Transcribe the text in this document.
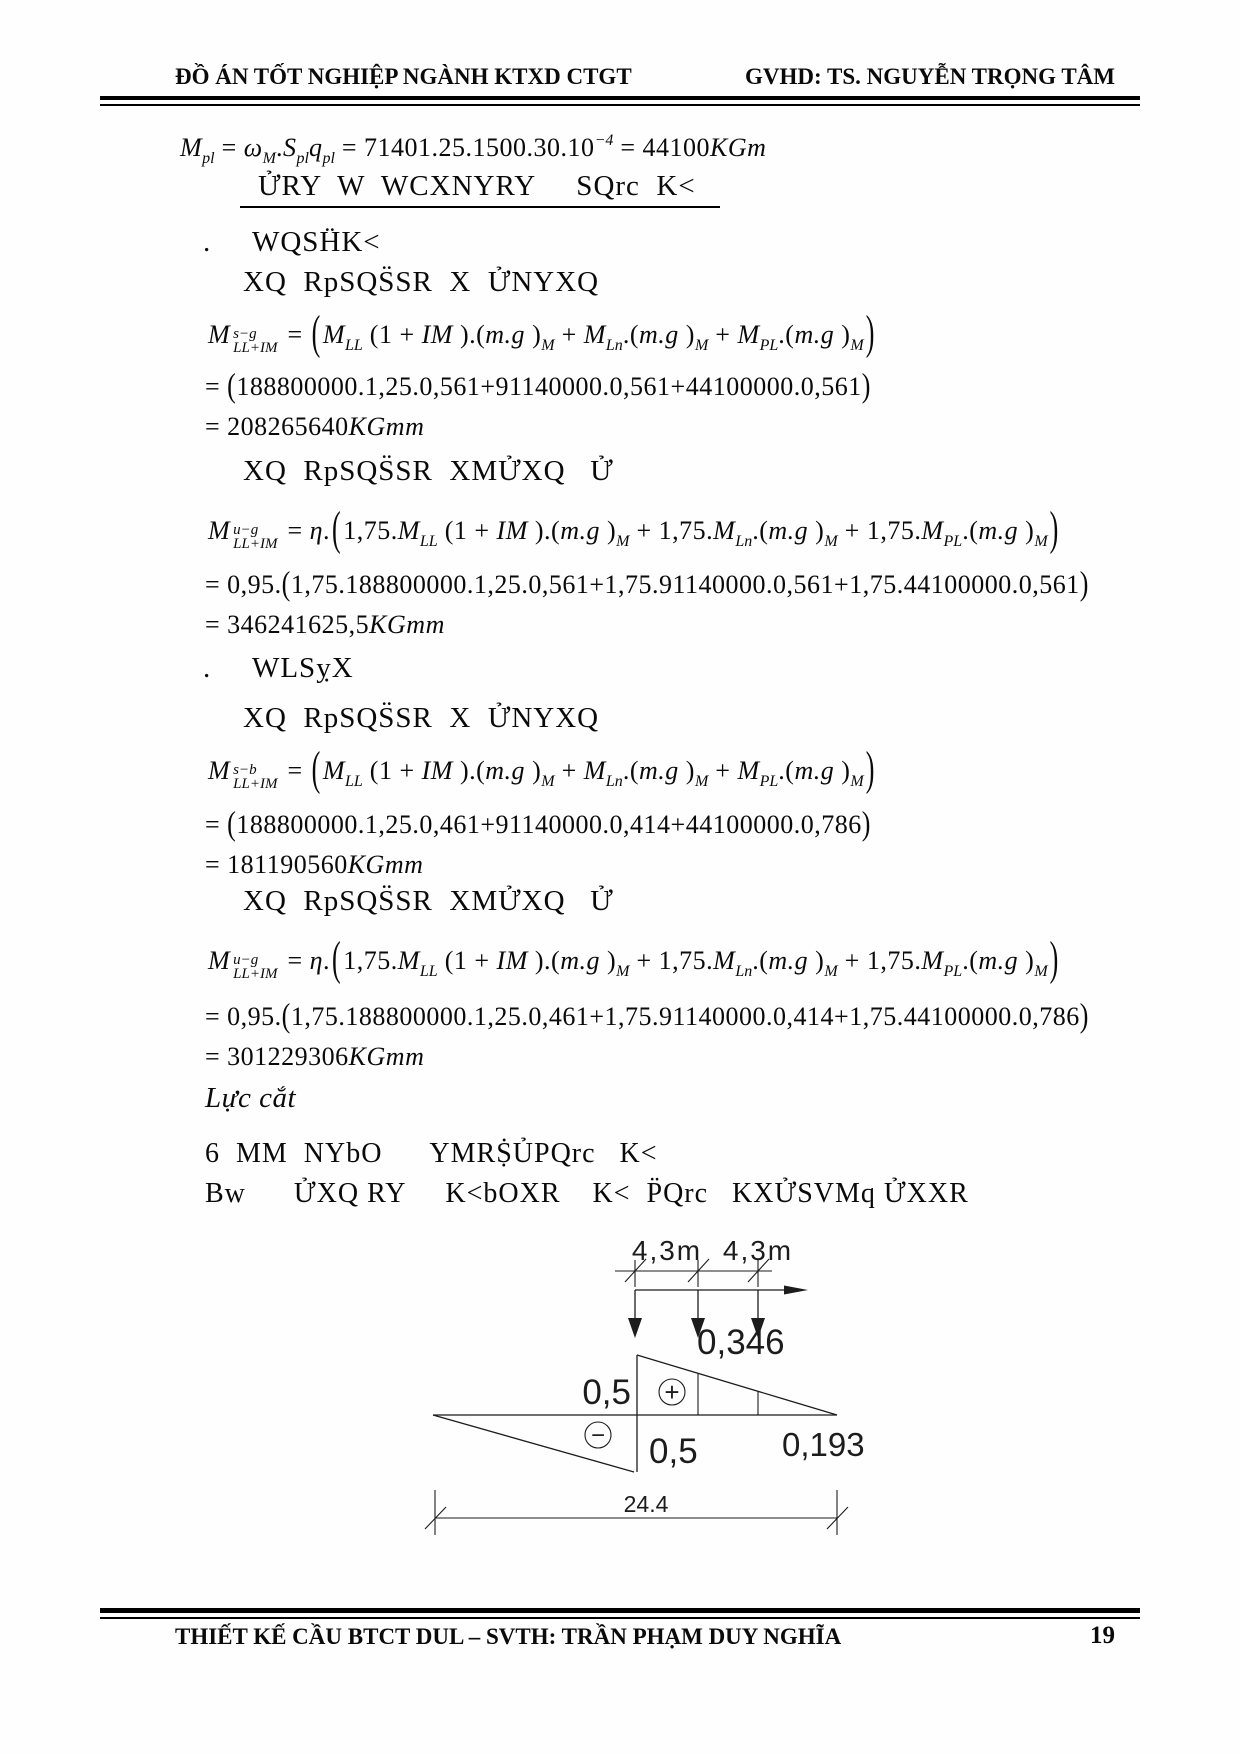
ĐỒ ÁN TỐT NGHIỆP NGÀNH KTXD CTGT	GVHD: TS. NGUYỄN TRỌNG TÂM
$M_{pl} = \omega_M.S_{pl}q_{pl} = 71401.25.1500.30.10^{-4} = 44100KGm$
ỬRY  W  WCXNYRY     SQrc  K<
.     WQSḦK<
XQ  RpSQS̈SR  X  ỬNYXQ
M s−g
$LL+IM = (M_{LL}$ (1 + IM ).(m.g )$_M + M_{Ln}.(m.g$ )$_M + M_{PL}.(m.g$ )$_M$)
= (188800000.1,25.0,561+91140000.0,561+44100000.0,561)
= 208265640KGmm
XQ  RpSQS̈SR  XMỬXQ   Ử
M u−g
$LL+IM = \eta.(1,75.M_{LL}$ (1 + IM ).(m.g )$_M + 1,75.M_{Ln}.(m.g$ )$_M + 1,75.M_{PL}.(m.g$ )$_M$)
= 0,95.(1,75.188800000.1,25.0,561+1,75.91140000.0,561+1,75.44100000.0,561)
= 346241625,5KGmm
.     WLSỵX
XQ  RpSQS̈SR  X  ỬNYXQ
M s−b
$LL+IM = (M_{LL}$ (1 + IM ).(m.g )$_M + M_{Ln}.(m.g$ )$_M + M_{PL}.(m.g$ )$_M$)
= (188800000.1,25.0,461+91140000.0,414+44100000.0,786)
= 181190560KGmm
XQ  RpSQS̈SR  XMỬXQ   Ử
M u−g
$LL+IM = \eta.(1,75.M_{LL}$ (1 + IM ).(m.g )$_M + 1,75.M_{Ln}.(m.g$ )$_M + 1,75.M_{PL}.(m.g$ )$_M$)
= 0,95.(1,75.188800000.1,25.0,461+1,75.91140000.0,414+1,75.44100000.0,786)
= 301229306KGmm
Lực cắt
6  MM  NYbO      YMRṨỦPQrc   K<
Bw      ỬXQ RY     K<bOXR    K<  P̈Qrc   KXỬSVMq ỬXXR
4,3m 4,3m
+
−
0,5
0,346
0,5	0,193
24.4
THIẾT KẾ CẦU BTCT DUL – SVTH: TRẦN PHẠM DUY NGHĨA	19
